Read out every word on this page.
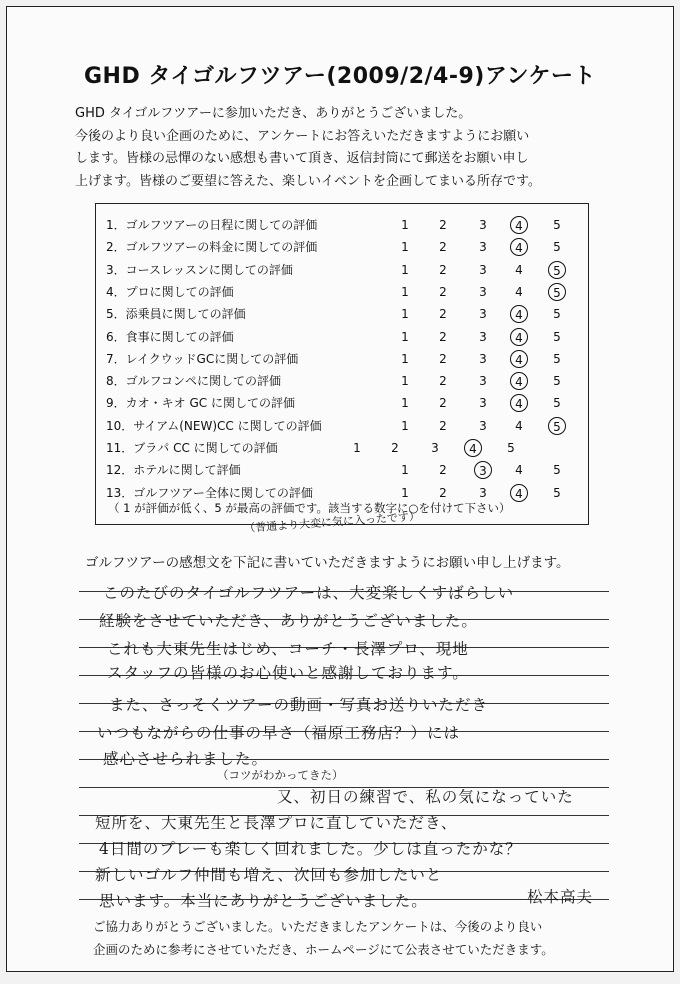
GHD タイゴルフツアー(2009/2/4-9)アンケート
GHD タイゴルフツアーに参加いただき、ありがとうございました。
今後のより良い企画のために、アンケートにお答えいただきますようにお願い
します。皆様の忌憚のない感想も書いて頂き、返信封筒にて郵送をお願い申し
上げます。皆様のご要望に答えた、楽しいイベントを企画してまいる所存です。
（普通より大変に気に入ったです）
（ 1 が評価が低く、5 が最高の評価です。該当する数字に○を付けて下さい）
1．ゴルフツアーの日程に関しての評価	1	2	3	4	5
2．ゴルフツアーの料金に関しての評価	1	2	3	4	5
3．コースレッスンに関しての評価	1	2	3	4	5
4．プロに関しての評価	1	2	3	4	5
5．添乗員に関しての評価	1	2	3	4	5
6．食事に関しての評価	1	2	3	4	5
7．レイクウッドGCに関しての評価	1	2	3	4	5
8．ゴルフコンペに関しての評価	1	2	3	4	5
9．カオ・キオ GC に関しての評価	1	2	3	4	5
10．サイアム(NEW)CC に関しての評価	1	2	3	4	5
11．ブラパ CC に関しての評価	1	2	3	4	5
12．ホテルに関して評価	1	2	3	4	5
13．ゴルフツアー全体に関しての評価	1	2	3	4	5
ゴルフツアーの感想文を下記に書いていただきますようにお願い申し上げます。
このたびのタイゴルフツアーは、大変楽しくすばらしい
経験をさせていただき、ありがとうございました。
これも大東先生はじめ、コーチ・長澤プロ、現地
スタッフの皆様のお心使いと感謝しております。
また、さっそくツアーの動画・写真お送りいただき
いつもながらの仕事の早さ（福原工務店？）には
感心させられました。
又、初日の練習で、私の気になっていた
短所を、大東先生と長澤プロに直していただき、
4日間のプレーも楽しく回れました。少しは直ったかな？
新しいゴルフ仲間も増え、次回も参加したいと
思います。本当にありがとうございました。	松本高夫
（コツがわかってきた）
ご協力ありがとうございました。いただきましたアンケートは、今後のより良い
企画のために参考にさせていただき、ホームページにて公表させていただきます。
